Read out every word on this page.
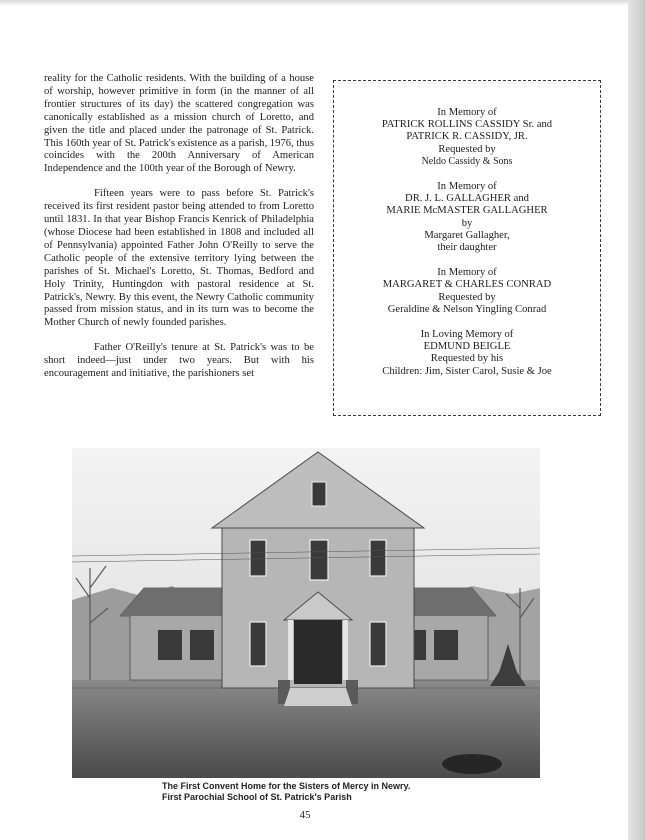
reality for the Catholic residents. With the building of a house of worship, however primitive in form (in the manner of all frontier structures of its day) the scattered congregation was canonically established as a mission church of Loretto, and given the title and placed under the patronage of St. Patrick. This 160th year of St. Patrick's existence as a parish, 1976, thus coincides with the 200th Anniversary of American Independence and the 100th year of the Borough of Newry.

Fifteen years were to pass before St. Patrick's received its first resident pastor being attended to from Loretto until 1831. In that year Bishop Francis Kenrick of Philadelphia (whose Diocese had been established in 1808 and included all of Pennsylvania) appointed Father John O'Reilly to serve the Catholic people of the extensive territory lying between the parishes of St. Michael's Loretto, St. Thomas, Bedford and Holy Trinity, Huntingdon with pastoral residence at St. Patrick's, Newry. By this event, the Newry Catholic community passed from mission status, and in its turn was to become the Mother Church of newly founded parishes.

Father O'Reilly's tenure at St. Patrick's was to be short indeed—just under two years. But with his encouragement and initiative, the parishioners set

In Memory of
PATRICK ROLLINS CASSIDY Sr. and
PATRICK R. CASSIDY, JR.
Requested by
Neldo Cassidy & Sons
In Memory of
DR. J. L. GALLAGHER and
MARIE McMASTER GALLAGHER
by
Margaret Gallagher,
their daughter
In Memory of
MARGARET & CHARLES CONRAD
Requested by
Geraldine & Nelson Yingling Conrad
In Loving Memory of
EDMUND BEIGLE
Requested by his
Children: Jim, Sister Carol, Susie & Joe
The First Convent Home for the Sisters of Mercy in Newry.
First Parochial School of St. Patrick's Parish
45
